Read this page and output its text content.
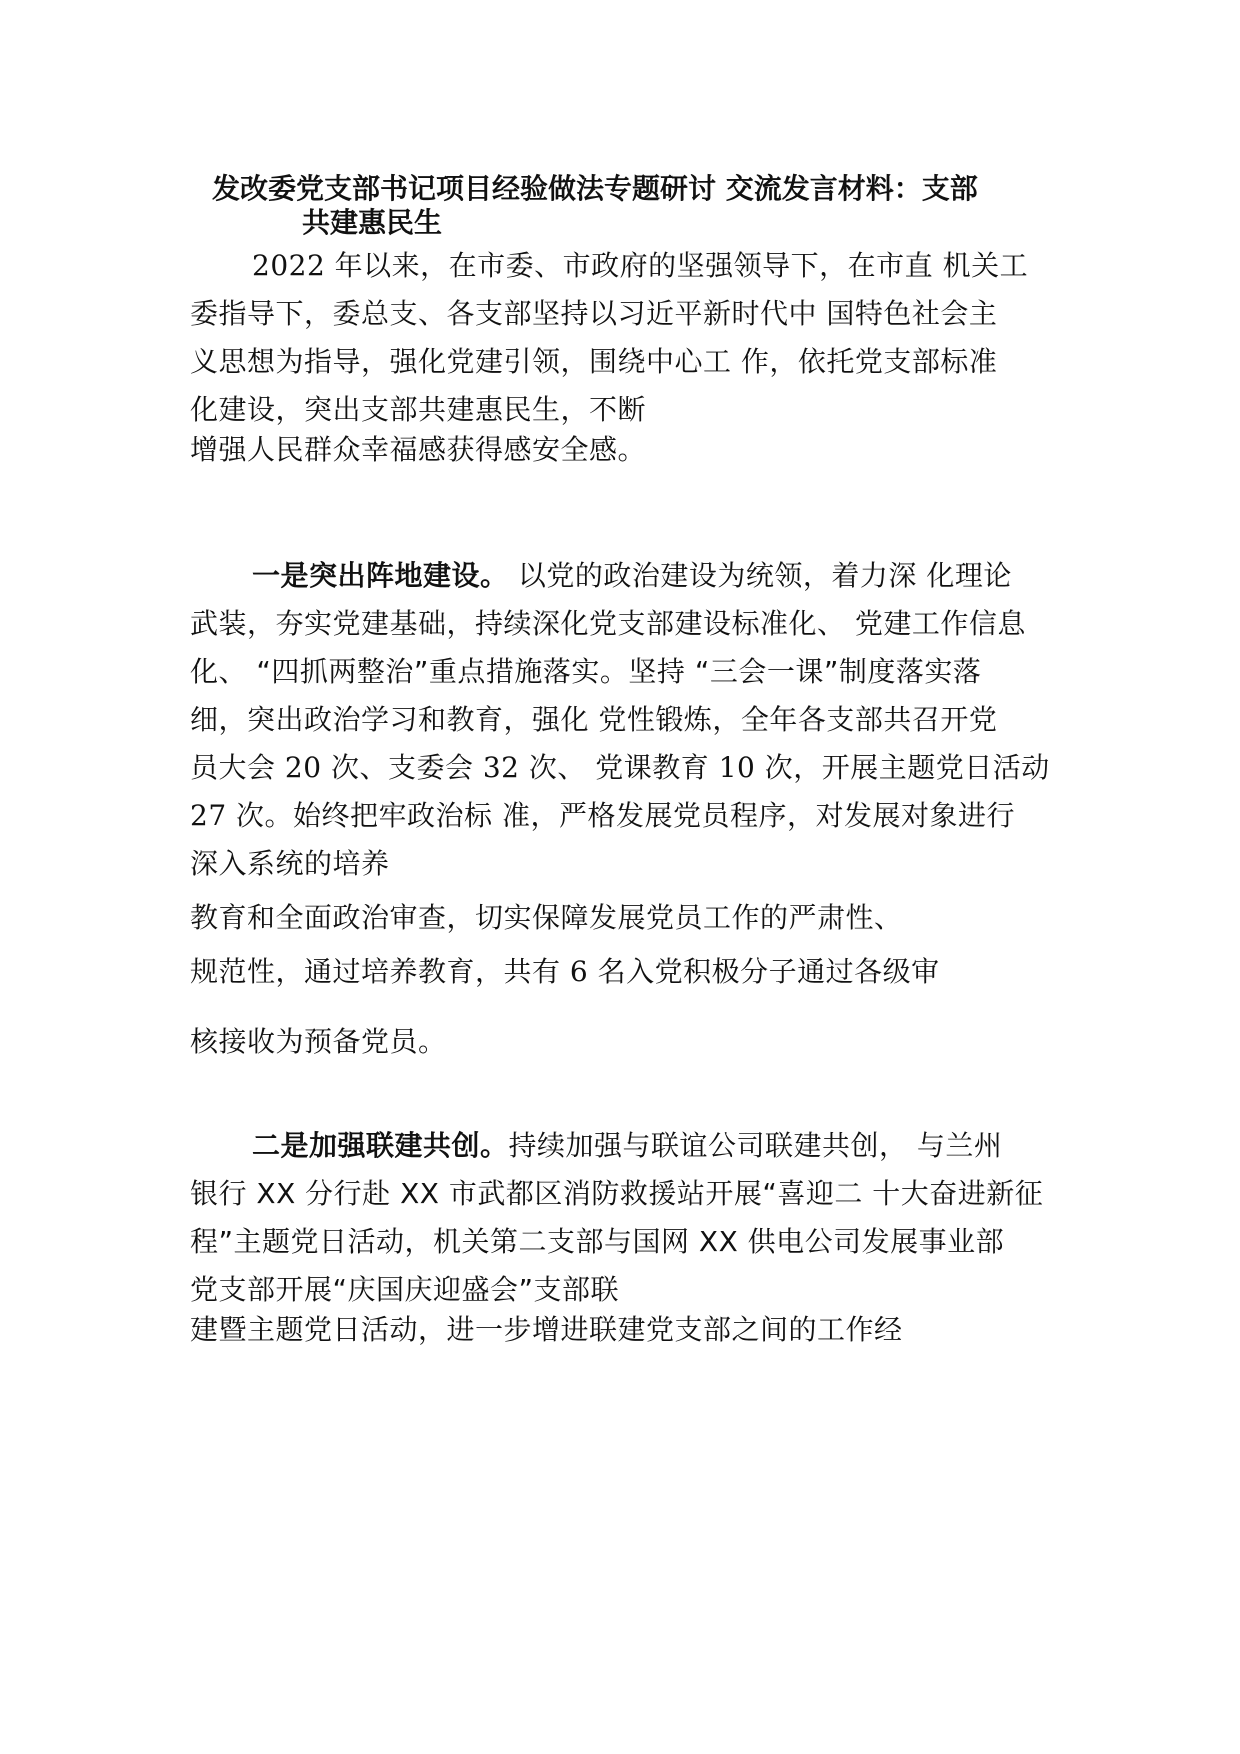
发改委党支部书记项目经验做法专题研讨 交流发言材料：支部
共建惠民生
2022 年以来，在市委、市政府的坚强领导下，在市直 机关工
委指导下，委总支、各支部坚持以习近平新时代中 国特色社会主
义思想为指导，强化党建引领，围绕中心工 作，依托党支部标准
化建设，突出支部共建惠民生，不断
增强人民群众幸福感获得感安全感。
一是突出阵地建设。 以党的政治建设为统领，着力深 化理论
武装，夯实党建基础，持续深化党支部建设标准化、 党建工作信息
化、 “四抓两整治”重点措施落实。坚持 “三会一课”制度落实落
细，突出政治学习和教育，强化 党性锻炼，全年各支部共召开党
员大会 20 次、支委会 32 次、 党课教育 10 次，开展主题党日活动
27 次。始终把牢政治标 准，严格发展党员程序，对发展对象进行
深入系统的培养
教育和全面政治审查，切实保障发展党员工作的严肃性、
规范性，通过培养教育，共有 6 名入党积极分子通过各级审
核接收为预备党员。
二是加强联建共创。持续加强与联谊公司联建共创， 与兰州
银行 XX 分行赴 XX 市武都区消防救援站开展“喜迎二 十大奋进新征
程”主题党日活动，机关第二支部与国网 XX 供电公司发展事业部
党支部开展“庆国庆迎盛会”支部联
建暨主题党日活动，进一步增进联建党支部之间的工作经
